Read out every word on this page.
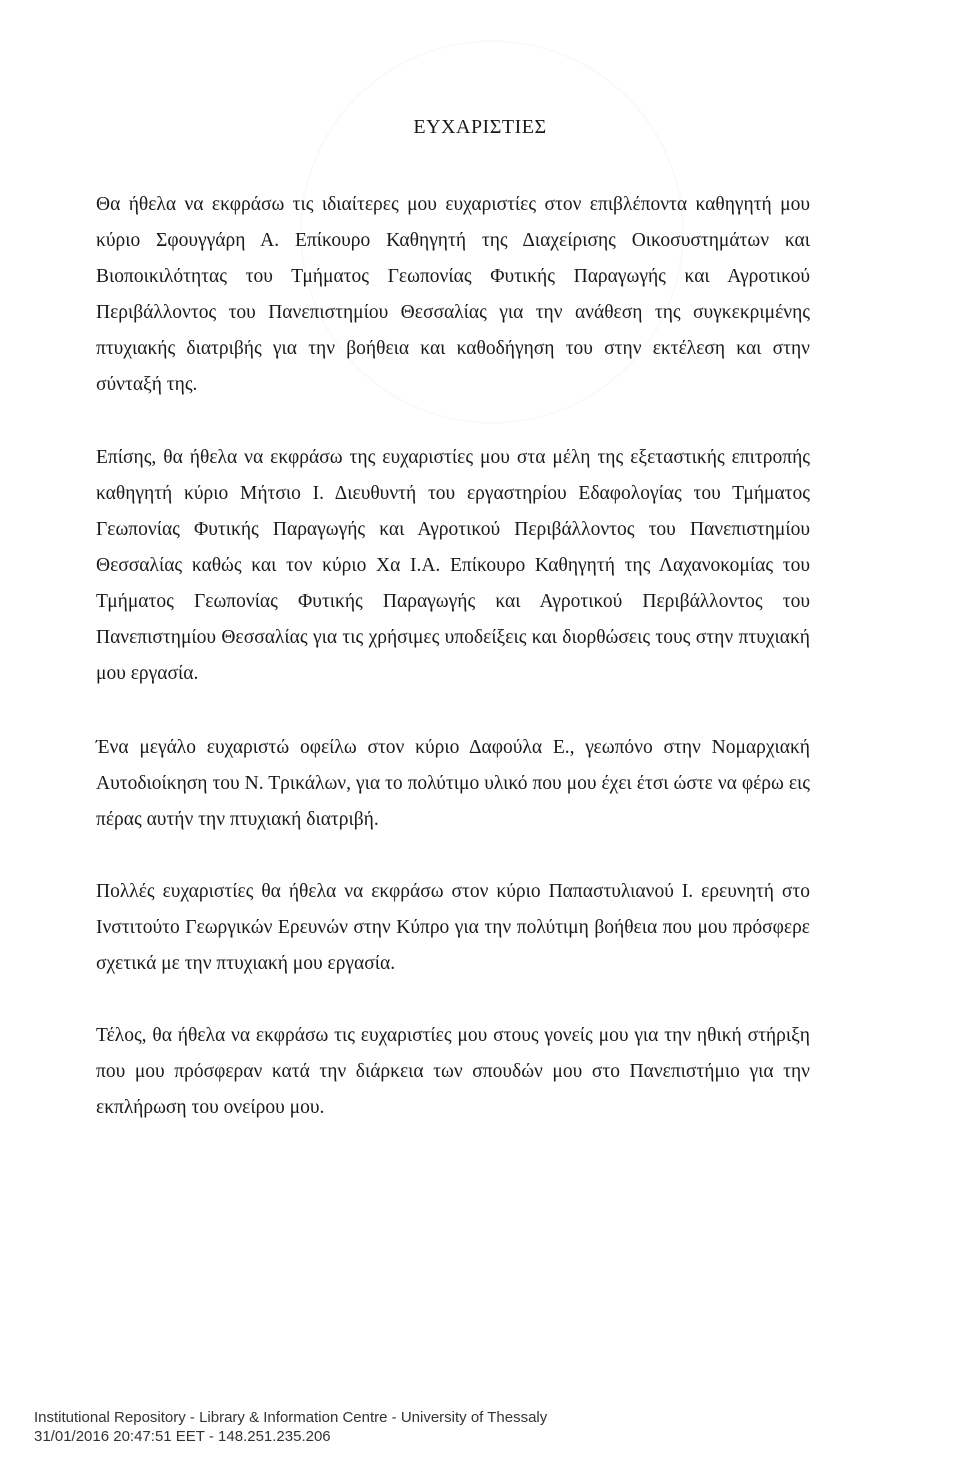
ΕΥΧΑΡΙΣΤΙΕΣ

Θα ήθελα να εκφράσω τις ιδιαίτερες μου ευχαριστίες στον επιβλέποντα καθηγητή μου κύριο Σφουγγάρη Α. Επίκουρο Καθηγητή της Διαχείρισης Οικοσυστημάτων και Βιοποικιλότητας του Τμήματος Γεωπονίας Φυτικής Παραγωγής και Αγροτικού Περιβάλλοντος του Πανεπιστημίου Θεσσαλίας για την ανάθεση της συγκεκριμένης πτυχιακής διατριβής για την βοήθεια και καθοδήγηση του στην εκτέλεση και στην σύνταξή της.

Επίσης, θα ήθελα να εκφράσω της ευχαριστίες μου στα μέλη της εξεταστικής επιτροπής καθηγητή κύριο Μήτσιο Ι. Διευθυντή του εργαστηρίου Εδαφολογίας του Τμήματος Γεωπονίας Φυτικής Παραγωγής και Αγροτικού Περιβάλλοντος του Πανεπιστημίου Θεσσαλίας καθώς και τον κύριο Χα Ι.Α. Επίκουρο Καθηγητή της Λαχανοκομίας του Τμήματος Γεωπονίας Φυτικής Παραγωγής και Αγροτικού Περιβάλλοντος του Πανεπιστημίου Θεσσαλίας για τις χρήσιμες υποδείξεις και διορθώσεις τους στην πτυχιακή μου εργασία.

Ένα μεγάλο ευχαριστώ οφείλω στον κύριο Δαφούλα Ε., γεωπόνο στην Νομαρχιακή Αυτοδιοίκηση του Ν. Τρικάλων, για το πολύτιμο υλικό που μου έχει έτσι ώστε να φέρω εις πέρας αυτήν την πτυχιακή διατριβή.

Πολλές ευχαριστίες θα ήθελα να εκφράσω στον κύριο Παπαστυλιανού Ι. ερευνητή στο Ινστιτούτο Γεωργικών Ερευνών στην Κύπρο για την πολύτιμη βοήθεια που μου πρόσφερε σχετικά με την πτυχιακή μου εργασία.

Τέλος, θα ήθελα να εκφράσω τις ευχαριστίες μου στους γονείς μου για την ηθική στήριξη που μου πρόσφεραν κατά την διάρκεια των σπουδών μου στο Πανεπιστήμιο για την εκπλήρωση του ονείρου μου.

Institutional Repository - Library & Information Centre - University of Thessaly
31/01/2016 20:47:51 EET - 148.251.235.206
